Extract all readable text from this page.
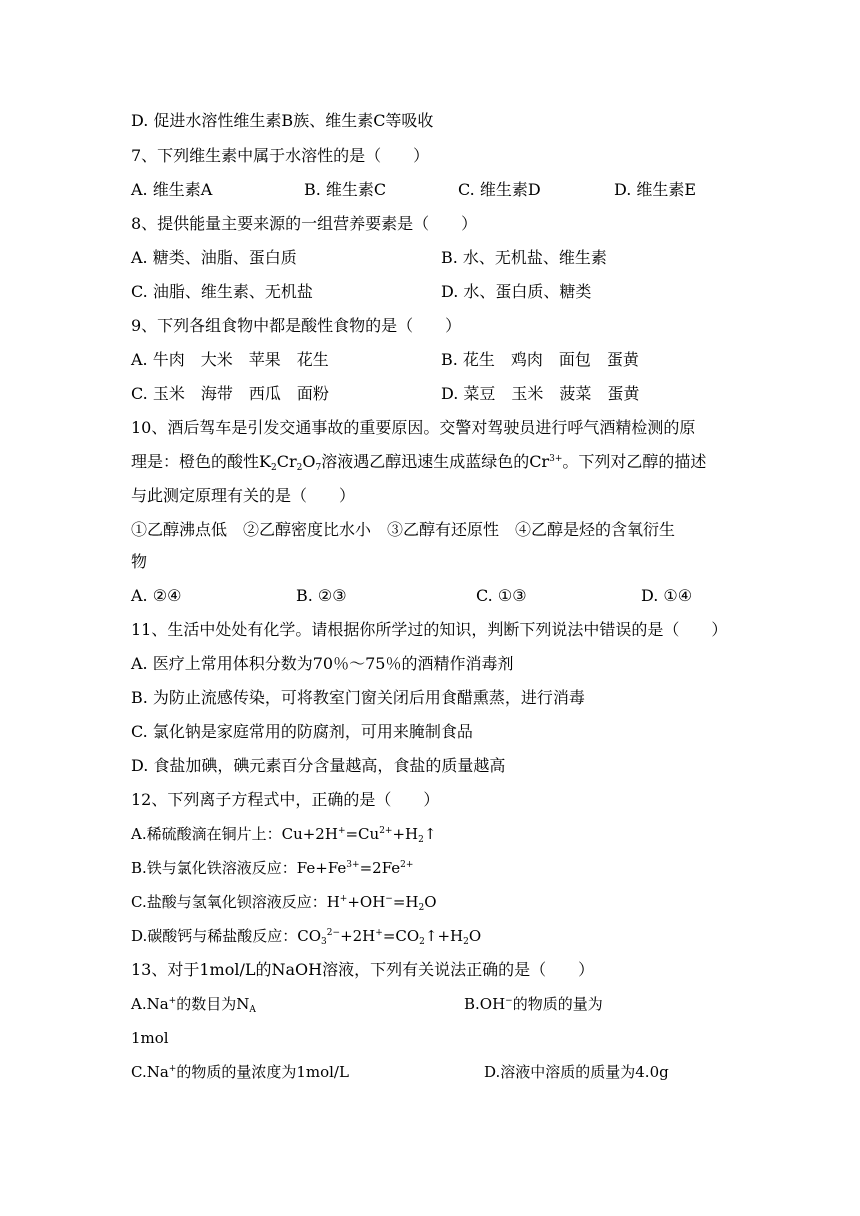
D. 促进水溶性维生素B族、维生素C等吸收
7、下列维生素中属于水溶性的是（　　）
A. 维生素A	B. 维生素C	C. 维生素D	D. 维生素E
8、提供能量主要来源的一组营养要素是（　　）
A. 糖类、油脂、蛋白质	B. 水、无机盐、维生素
C. 油脂、维生素、无机盐	D. 水、蛋白质、糖类
9、下列各组食物中都是酸性食物的是（　　）
A. 牛肉　大米　苹果　花生	B. 花生　鸡肉　面包　蛋黄
C. 玉米　海带　西瓜　面粉	D. 菜豆　玉米　菠菜　蛋黄
10、酒后驾车是引发交通事故的重要原因。交警对驾驶员进行呼气酒精检测的原
理是：橙色的酸性$K_2Cr_2O_7$溶液遇乙醇迅速生成蓝绿色的$Cr^{3+}$。下列对乙醇的描述
与此测定原理有关的是（　　）
①乙醇沸点低　②乙醇密度比水小　③乙醇有还原性　④乙醇是烃的含氧衍生
物
A. ②④	B. ②③	C. ①③	D. ①④
11、生活中处处有化学。请根据你所学过的知识，判断下列说法中错误的是（　　）
A. 医疗上常用体积分数为70％～75％的酒精作消毒剂
B. 为防止流感传染，可将教室门窗关闭后用食醋熏蒸，进行消毒
C. 氯化钠是家庭常用的防腐剂，可用来腌制食品
D. 食盐加碘，碘元素百分含量越高，食盐的质量越高
12、下列离子方程式中，正确的是（　　）
A.稀硫酸滴在铜片上：$Cu+2H^+=Cu^{2+}+H_2↑$
B.铁与氯化铁溶液反应：$Fe+Fe^{3+}=2Fe^{2+}$
C.盐酸与氢氧化钡溶液反应：$H^++OH^-=H_2O$
D.碳酸钙与稀盐酸反应：$CO_3^{2-}+2H^+=CO_2↑+H_2O$
13、对于1mol/L的NaOH溶液，下列有关说法正确的是（　　）
A.Na+的数目为$N_A$	B.OH−的物质的量为
1mol
C.Na+的物质的量浓度为1mol/L	D.溶液中溶质的质量为4.0g
